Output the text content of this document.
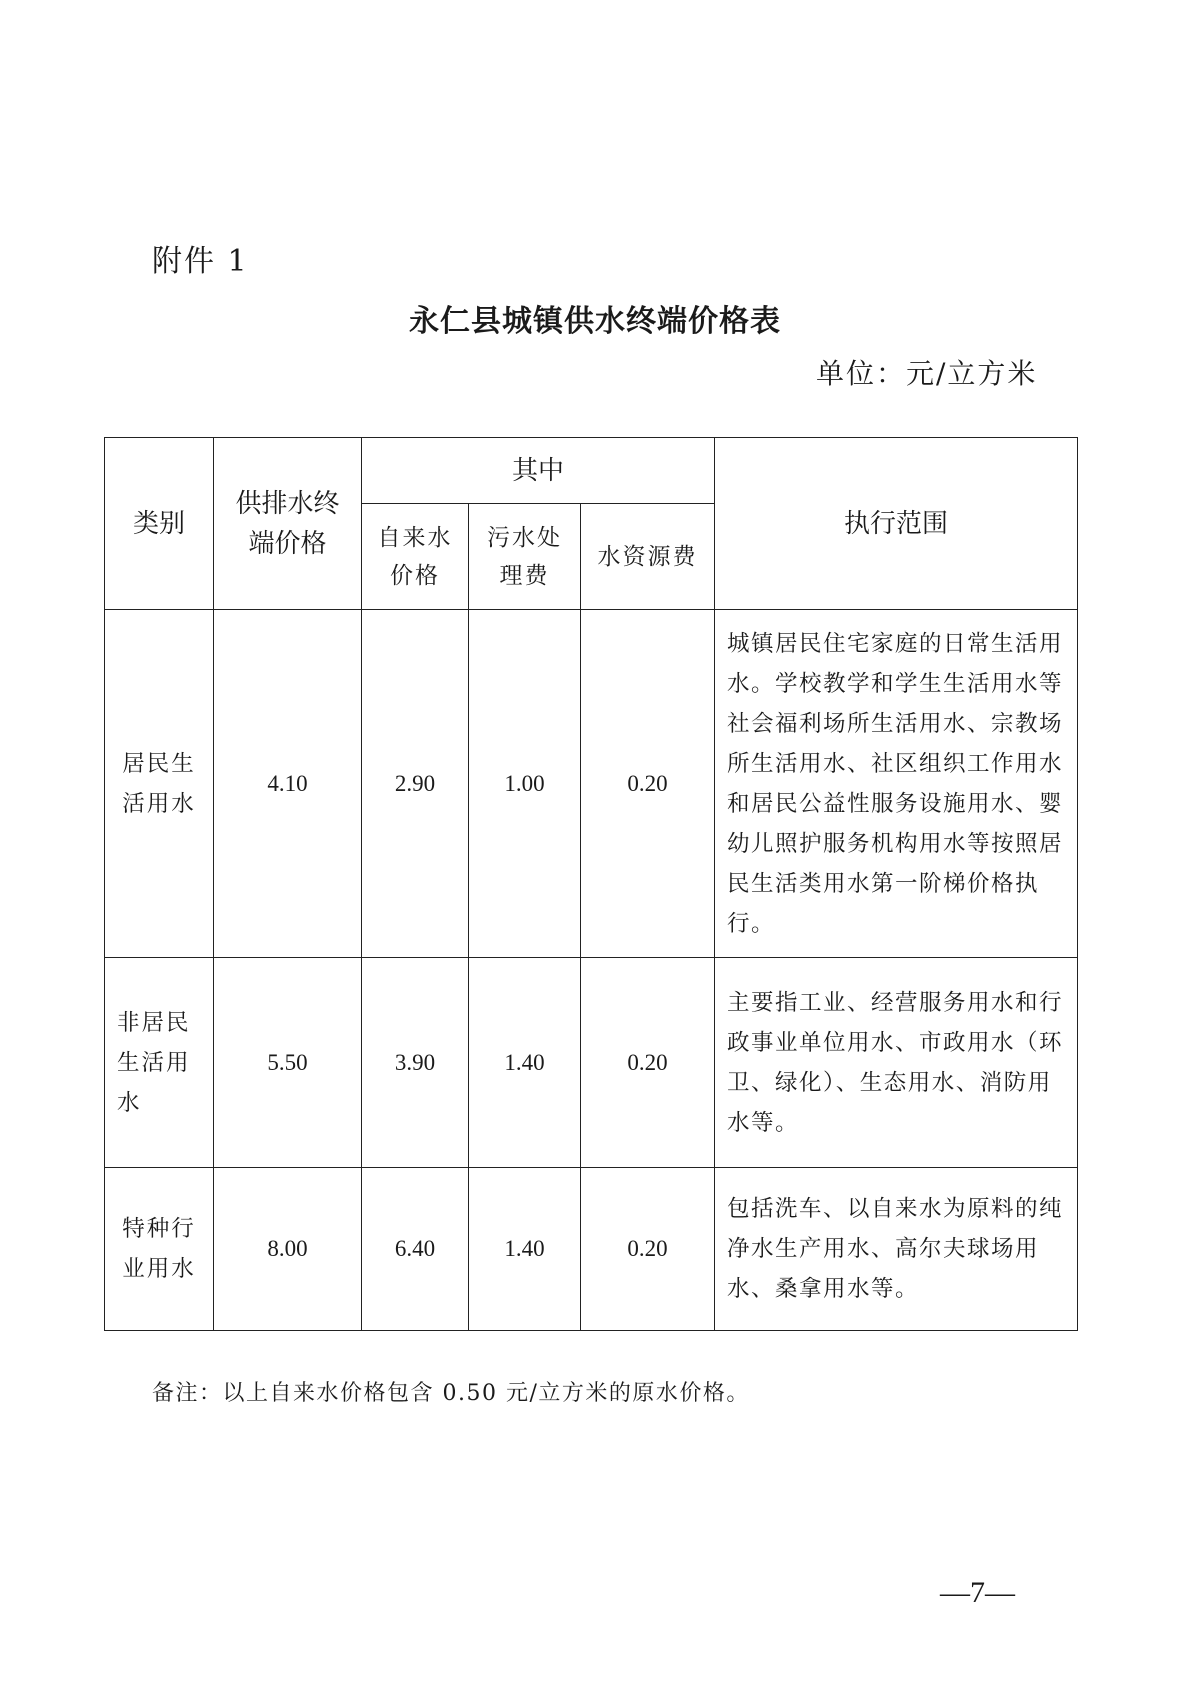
附件 1
永仁县城镇供水终端价格表
单位：元/立方米
类别	供排水终端价格	其中			执行范围
		自来水价格	污水处理费	水资源费	
居民生活用水	4.10	2.90	1.00	0.20	城镇居民住宅家庭的日常生活用水。学校教学和学生生活用水等社会福利场所生活用水、宗教场所生活用水、社区组织工作用水和居民公益性服务设施用水、婴幼儿照护服务机构用水等按照居民生活类用水第一阶梯价格执行。
非居民生活用水	5.50	3.90	1.40	0.20	主要指工业、经营服务用水和行政事业单位用水、市政用水（环卫、绿化）、生态用水、消防用水等。
特种行业用水	8.00	6.40	1.40	0.20	包括洗车、以自来水为原料的纯净水生产用水、高尔夫球场用水、桑拿用水等。
备注：以上自来水价格包含 0.50 元/立方米的原水价格。
—7—
